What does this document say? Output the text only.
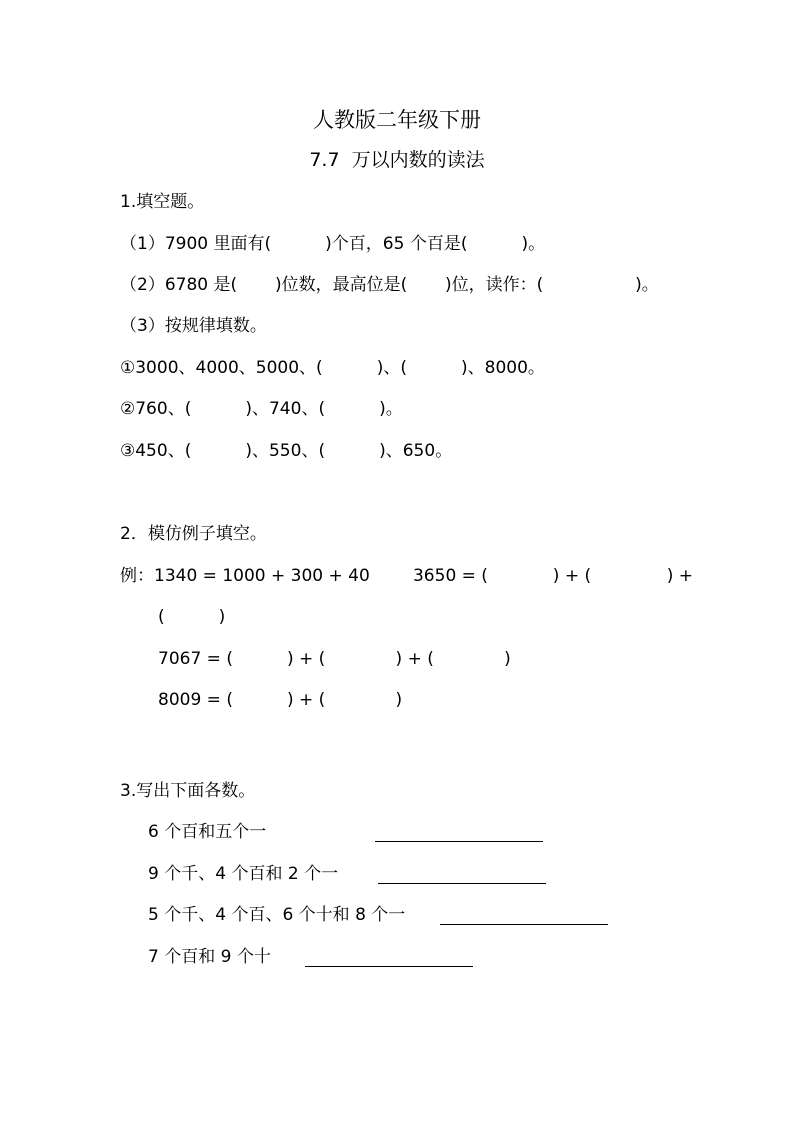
人教版二年级下册
7.7  万以内数的读法
1.填空题。
（1）7900 里面有(          )个百，65 个百是(          )。
（2）6780 是(       )位数，最高位是(       )位，读作：(                 )。
（3）按规律填数。
①3000、4000、5000、(          )、(          )、8000。
②760、(          )、740、(          )。
③450、(          )、550、(          )、650。
2．模仿例子填空。
例：1340 = 1000 + 300 + 40        3650 = (            ) + (              ) +
(          )
7067 = (          ) + (             ) + (             )
8009 = (          ) + (             )
3.写出下面各数。
6 个百和五个一
9 个千、4 个百和 2 个一
5 个千、4 个百、6 个十和 8 个一
7 个百和 9 个十
